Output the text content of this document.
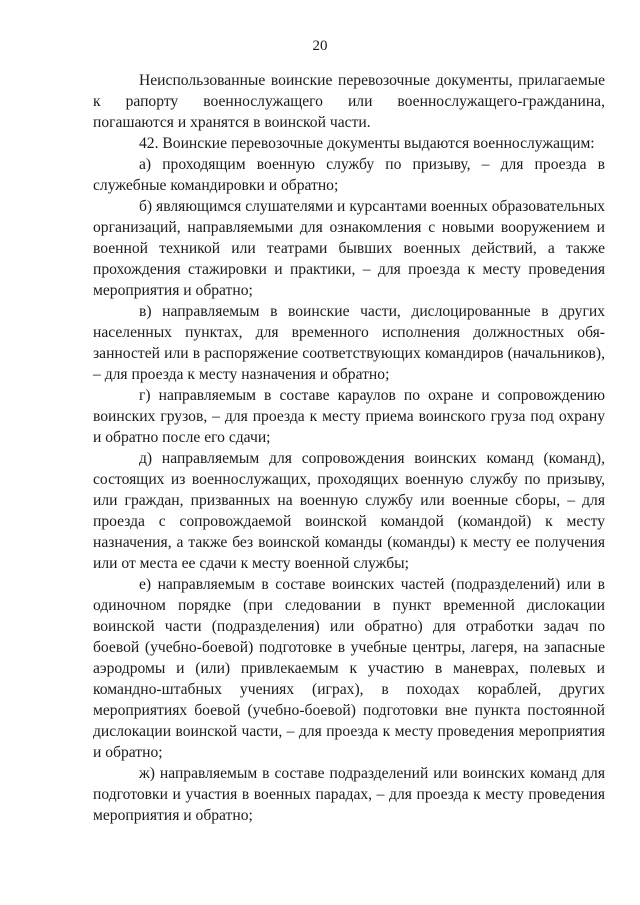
20

Неиспользованные воинские перевозочные документы, прилагаемые к рапорту военнослужащего или военнослужащего-гражданина, погашаются и хранятся в воинской части.

42. Воинские перевозочные документы выдаются военнослужащим:

а) проходящим военную службу по призыву, – для проезда в служебные командировки и обратно;

б) являющимся слушателями и курсантами военных образовательных организаций, направляемыми для ознакомления с новыми вооружением и военной техникой или театрами бывших военных действий, а также прохождения стажировки и практики, – для проезда к месту проведения мероприятия и обратно;

в) направляемым в воинские части, дислоцированные в других населенных пунктах, для временного исполнения должностных обязанностей или в распоряжение соответствующих командиров (начальников), – для проезда к месту назначения и обратно;

г) направляемым в составе караулов по охране и сопровождению воинских грузов, – для проезда к месту приема воинского груза под охрану и обратно после его сдачи;

д) направляемым для сопровождения воинских команд (команд), состоящих из военнослужащих, проходящих военную службу по призыву, или граждан, призванных на военную службу или военные сборы, – для проезда с сопровождаемой воинской командой (командой) к месту назначения, а также без воинской команды (команды) к месту ее получения или от места ее сдачи к месту военной службы;

е) направляемым в составе воинских частей (подразделений) или в одиночном порядке (при следовании в пункт временной дислокации воинской части (подразделения) или обратно) для отработки задач по боевой (учебно-боевой) подготовке в учебные центры, лагеря, на запасные аэродромы и (или) привлекаемым к участию в маневрах, полевых и командно-штабных учениях (играх), в походах кораблей, других мероприятиях боевой (учебно-боевой) подготовки вне пункта постоянной дислокации воинской части, – для проезда к месту проведения мероприятия и обратно;

ж) направляемым в составе подразделений или воинских команд для подготовки и участия в военных парадах, – для проезда к месту проведения мероприятия и обратно;
